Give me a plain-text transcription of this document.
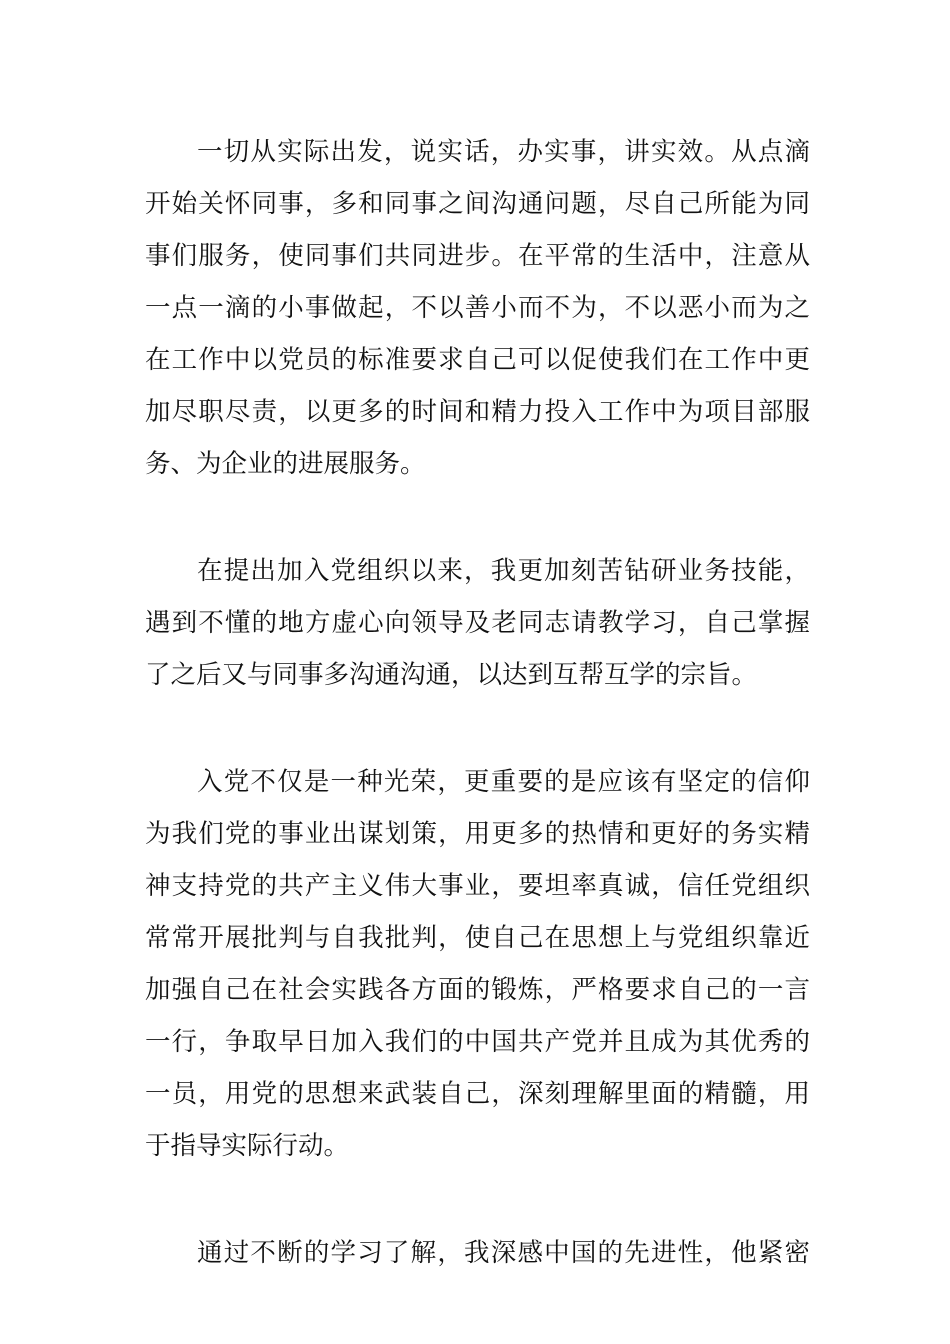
一切从实际出发，说实话，办实事，讲实效。从点滴
开始关怀同事，多和同事之间沟通问题，尽自己所能为同
事们服务，使同事们共同进步。在平常的生活中，注意从
一点一滴的小事做起，不以善小而不为，不以恶小而为之
在工作中以党员的标准要求自己可以促使我们在工作中更
加尽职尽责，以更多的时间和精力投入工作中为项目部服
务、为企业的进展服务。
在提出加入党组织以来，我更加刻苦钻研业务技能，
遇到不懂的地方虚心向领导及老同志请教学习，自己掌握
了之后又与同事多沟通沟通，以达到互帮互学的宗旨。
入党不仅是一种光荣，更重要的是应该有坚定的信仰
为我们党的事业出谋划策，用更多的热情和更好的务实精
神支持党的共产主义伟大事业，要坦率真诚，信任党组织
常常开展批判与自我批判，使自己在思想上与党组织靠近
加强自己在社会实践各方面的锻炼，严格要求自己的一言
一行，争取早日加入我们的中国共产党并且成为其优秀的
一员，用党的思想来武装自己，深刻理解里面的精髓，用
于指导实际行动。
通过不断的学习了解，我深感中国的先进性，他紧密
